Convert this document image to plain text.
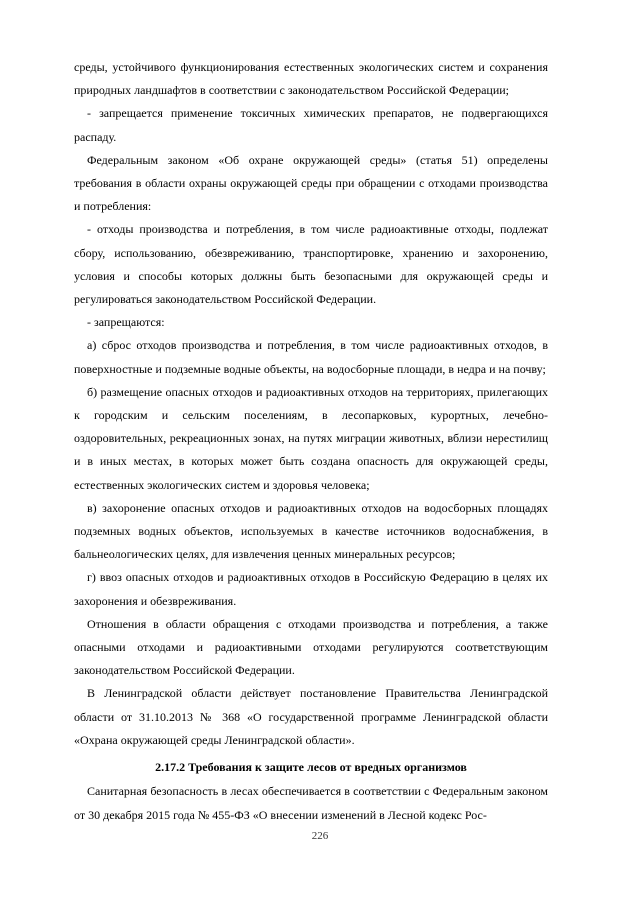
среды, устойчивого функционирования естественных экологических систем и сохранения природных ландшафтов в соответствии с законодательством Российской Федерации;

- запрещается применение токсичных химических препаратов, не подвергающихся распаду.

Федеральным законом «Об охране окружающей среды» (статья 51) определены требования в области охраны окружающей среды при обращении с отходами производства и потребления:

- отходы производства и потребления, в том числе радиоактивные отходы, подлежат сбору, использованию, обезвреживанию, транспортировке, хранению и захоронению, условия и способы которых должны быть безопасными для окружающей среды и регулироваться законодательством Российской Федерации.

- запрещаются:

а) сброс отходов производства и потребления, в том числе радиоактивных отходов, в поверхностные и подземные водные объекты, на водосборные площади, в недра и на почву;

б) размещение опасных отходов и радиоактивных отходов на территориях, прилегающих к городским и сельским поселениям, в лесопарковых, курортных, лечебно-оздоровительных, рекреационных зонах, на путях миграции животных, вблизи нерестилищ и в иных местах, в которых может быть создана опасность для окружающей среды, естественных экологических систем и здоровья человека;

в) захоронение опасных отходов и радиоактивных отходов на водосборных площадях подземных водных объектов, используемых в качестве источников водоснабжения, в бальнеологических целях, для извлечения ценных минеральных ресурсов;

г) ввоз опасных отходов и радиоактивных отходов в Российскую Федерацию в целях их захоронения и обезвреживания.

Отношения в области обращения с отходами производства и потребления, а также опасными отходами и радиоактивными отходами регулируются соответствующим законодательством Российской Федерации.

В Ленинградской области действует постановление Правительства Ленинградской области от 31.10.2013 № 368 «О государственной программе Ленинградской области «Охрана окружающей среды Ленинградской области».

2.17.2 Требования к защите лесов от вредных организмов

Санитарная безопасность в лесах обеспечивается в соответствии с Федеральным законом от 30 декабря 2015 года № 455-ФЗ «О внесении изменений в Лесной кодекс Рос-

226
